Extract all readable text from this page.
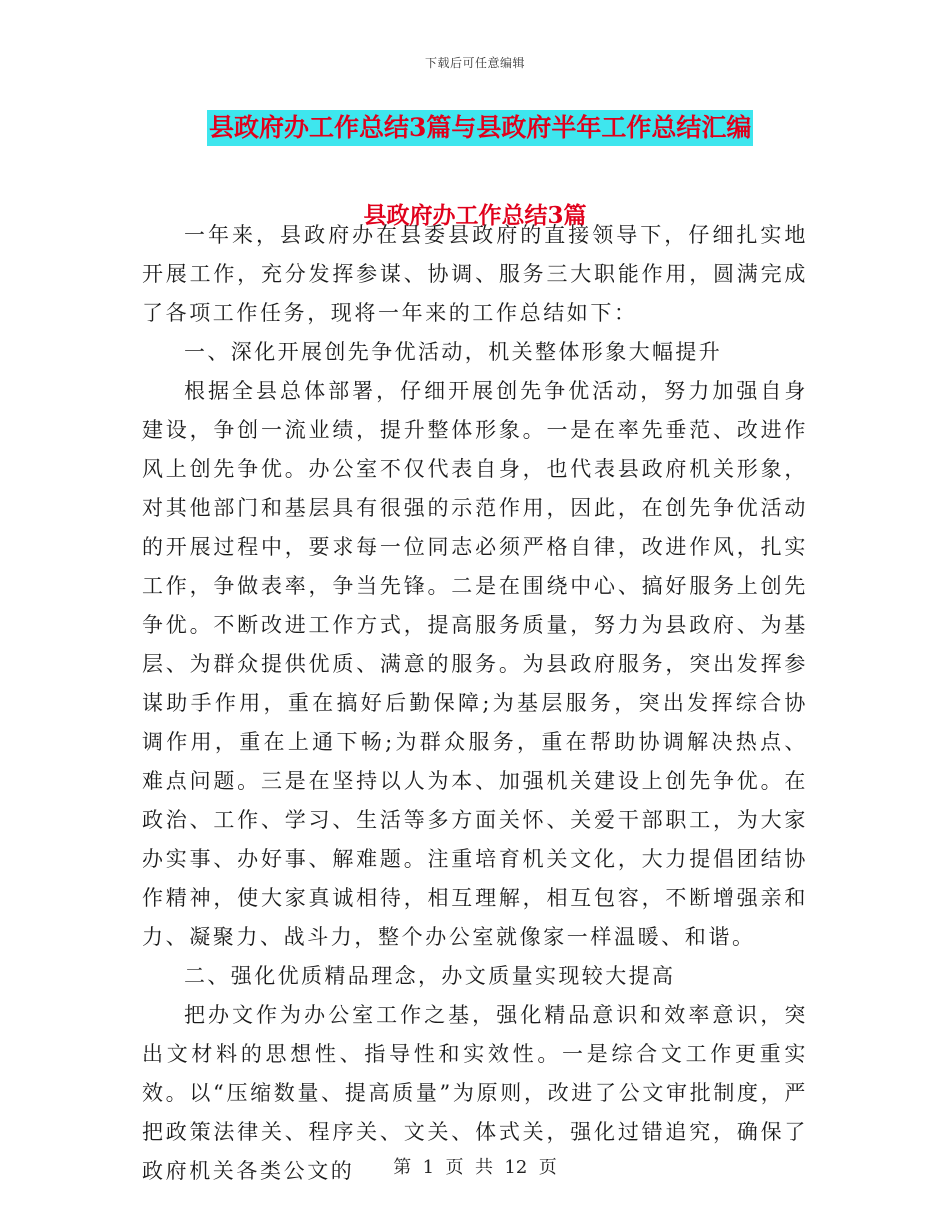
下载后可任意编辑
县政府办工作总结3篇与县政府半年工作总结汇编
县政府办工作总结3篇

一年来，县政府办在县委县政府的直接领导下，仔细扎实地开展工作，充分发挥参谋、协调、服务三大职能作用，圆满完成了各项工作任务，现将一年来的工作总结如下：

一、深化开展创先争优活动，机关整体形象大幅提升

根据全县总体部署，仔细开展创先争优活动，努力加强自身建设，争创一流业绩，提升整体形象。一是在率先垂范、改进作风上创先争优。办公室不仅代表自身，也代表县政府机关形象，对其他部门和基层具有很强的示范作用，因此，在创先争优活动的开展过程中，要求每一位同志必须严格自律，改进作风，扎实工作，争做表率，争当先锋。二是在围绕中心、搞好服务上创先争优。不断改进工作方式，提高服务质量，努力为县政府、为基层、为群众提供优质、满意的服务。为县政府服务，突出发挥参谋助手作用，重在搞好后勤保障;为基层服务，突出发挥综合协调作用，重在上通下畅;为群众服务，重在帮助协调解决热点、难点问题。三是在坚持以人为本、加强机关建设上创先争优。在政治、工作、学习、生活等多方面关怀、关爱干部职工，为大家办实事、办好事、解难题。注重培育机关文化，大力提倡团结协作精神，使大家真诚相待，相互理解，相互包容，不断增强亲和力、凝聚力、战斗力，整个办公室就像家一样温暖、和谐。

二、强化优质精品理念，办文质量实现较大提高

把办文作为办公室工作之基，强化精品意识和效率意识，突出文材料的思想性、指导性和实效性。一是综合文工作更重实效。以“压缩数量、提高质量”为原则，改进了公文审批制度，严把政策法律关、程序关、文关、体式关，强化过错追究，确保了政府机关各类公文的	第  1  页  共  12  页
